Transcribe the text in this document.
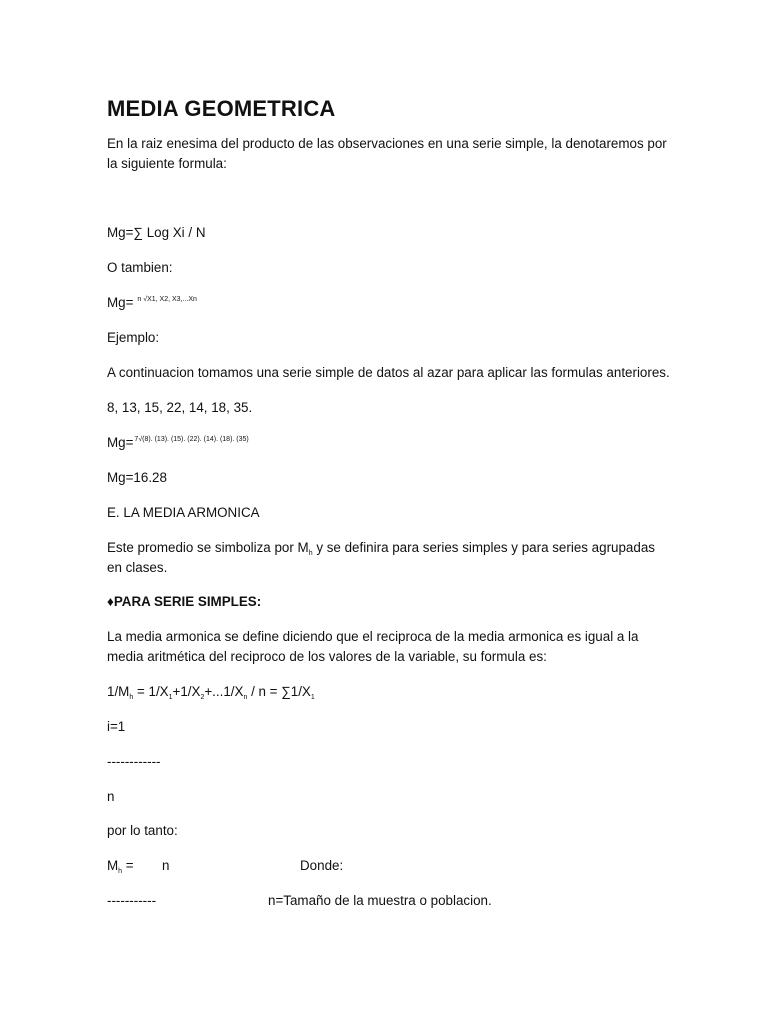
MEDIA GEOMETRICA

En la raiz enesima del producto de las observaciones en una serie simple, la denotaremos por la siguiente formula:

Mg=∑ Log Xi / N

O tambien:

Mg= $^{n √X1, X2, X3,...Xn}$

Ejemplo:

A continuacion tomamos una serie simple de datos al azar para aplicar las formulas anteriores.

8, 13, 15, 22, 14, 18, 35.

Mg=$^{7√(8). (13). (15). (22). (14). (18). (35)}$

Mg=16.28

E. LA MEDIA ARMONICA

Este promedio se simboliza por $M_h$ y se definira para series simples y para series agrupadas en clases.

♦PARA SERIE SIMPLES:

La media armonica se define diciendo que el reciproca de la media armonica es igual a la media aritmética del reciproco de los valores de la variable, su formula es:

$1/M_h = 1/X_1+1/X_2+...1/X_n / n = \sum 1/X_1$

i=1

------------

n

por lo tanto:

$M_h = n$	Donde:

-----------	n=Tamaño de la muestra o poblacion.
